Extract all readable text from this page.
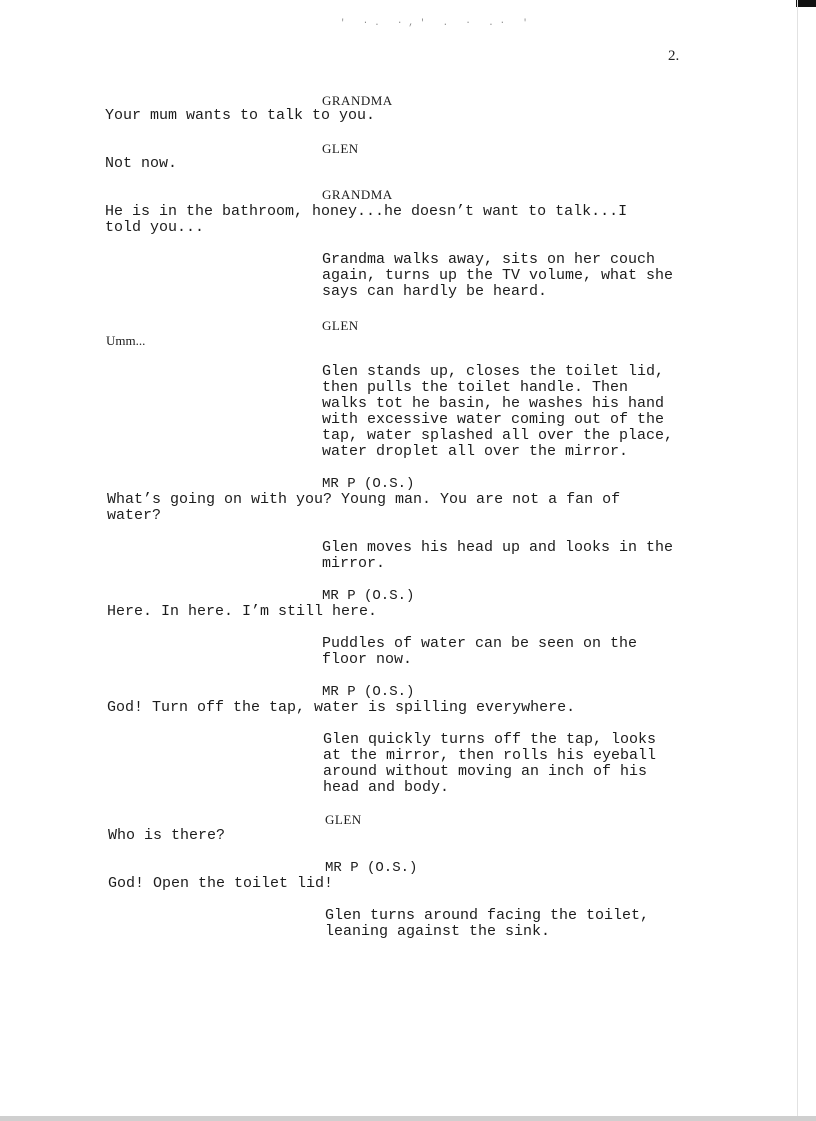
' ·. ·,' . · .· '
2.
GRANDMA
Your mum wants to talk to you.
GLEN
Not now.
GRANDMA
He is in the bathroom, honey...he doesn’t want to talk...I
told you...
Grandma walks away, sits on her couch
again, turns up the TV volume, what she
says can hardly be heard.
GLEN
Umm...
Glen stands up, closes the toilet lid,
then pulls the toilet handle. Then
walks tot he basin, he washes his hand
with excessive water coming out of the
tap, water splashed all over the place,
water droplet all over the mirror.
MR P (O.S.)
What’s going on with you? Young man. You are not a fan of
water?
Glen moves his head up and looks in the
mirror.
MR P (O.S.)
Here. In here. I’m still here.
Puddles of water can be seen on the
floor now.
MR P (O.S.)
God! Turn off the tap, water is spilling everywhere.
Glen quickly turns off the tap, looks
at the mirror, then rolls his eyeball
around without moving an inch of his
head and body.
GLEN
Who is there?
MR P (O.S.)
God! Open the toilet lid!
Glen turns around facing the toilet,
leaning against the sink.
